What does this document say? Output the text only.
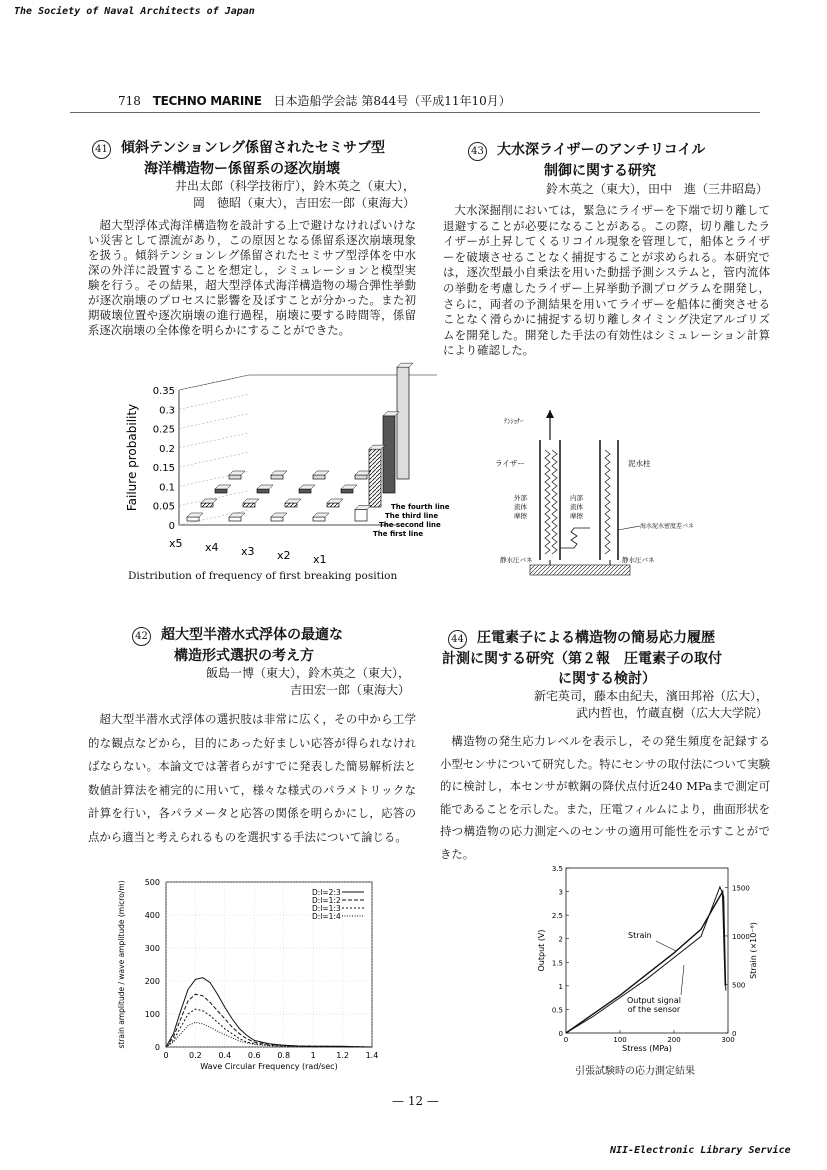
The Society of Naval Architects of Japan
718 TECHNO MARINE 日本造船学会誌 第844号（平成11年10月）
41 傾斜テンションレグ係留されたセミサブ型
海洋構造物ー係留系の逐次崩壊
井出太郎（科学技術庁），鈴木英之（東大），
岡　徳昭（東大），吉田宏一郎（東海大）
超大型浮体式海洋構造物を設計する上で避けなければいけない災害として漂流があり，この原因となる係留系逐次崩壊現象を扱う。傾斜テンションレグ係留されたセミサブ型浮体を中水深の外洋に設置することを想定し，シミュレーションと模型実験を行う。その結果，超大型浮体式海洋構造物の場合弾性挙動が逐次崩壊のプロセスに影響を及ぼすことが分かった。また初期破壊位置や逐次崩壊の進行過程，崩壊に要する時間等，係留系逐次崩壊の全体像を明らかにすることができた。
0
0.05
0.1
0.15
0.2
0.25
0.3
0.35
Failure probability	The fourth line
The third line
The second line
The first line
x5 x4 x3 x2 x1
Distribution of frequency of first breaking position
42 超大型半潜水式浮体の最適な
構造形式選択の考え方
飯島一博（東大），鈴木英之（東大），
吉田宏一郎（東海大）
超大型半潜水式浮体の選択肢は非常に広く，その中から工学的な観点などから，目的にあった好ましい応答が得られなければならない。本論文では著者らがすでに発表した簡易解析法と数値計算法を補完的に用いて，様々な様式のパラメトリックな計算を行い，各パラメータと応答の関係を明らかにし，応答の点から適当と考えられるものを選択する手法について論じる。
0	0.2 0.4 0.6 0.8	1	1.2 1.4
0
100
200
300
400
500
Wave Circular Frequency (rad/sec)
strain amplitude / wave amplitude (micro/m)	D:l=2:3
D:l=1:2
D:l=1:3
D:l=1:4
43 大水深ライザーのアンチリコイル
制御に関する研究
鈴木英之（東大），田中　進（三井昭島）
大水深掘削においては，緊急にライザーを下端で切り離して退避することが必要になることがある。この際，切り離したライザーが上昇してくるリコイル現象を管理して，船体とライザーを破壊させることなく捕捉することが求められる。本研究では，逐次型最小自乗法を用いた動揺予測システムと，管内流体の挙動を考慮したライザー上昇挙動予測プログラムを開発し，さらに，両者の予測結果を用いてライザーを船体に衝突させることなく滑らかに捕捉する切り離しタイミング決定アルゴリズムを開発した。開発した手法の有効性はシミュレーション計算により確認した。
ﾃﾝｼｮﾅｰ
ライザー	泥水柱
外部
流体
摩擦
内部
流体
摩擦
海水泥水密度差バネ
静水圧バネ	静水圧バネ
44 圧電素子による構造物の簡易応力履歴
計測に関する研究（第２報　圧電素子の取付
に関する検討）
新宅英司，藤本由紀夫，濱田邦裕（広大），
武内哲也，竹蔵直樹（広大大学院）
構造物の発生応力レベルを表示し，その発生頻度を記録する小型センサについて研究した。特にセンサの取付法について実験的に検討し，本センサが軟鋼の降伏点付近240 MPaまで測定可能であることを示した。また，圧電フィルムにより，曲面形状を持つ構造物の応力測定へのセンサの適用可能性を示すことができた。
0	100	200	300
0
0.5
1
1.5
2
2.5
3
3.5
0
500
1000
1500
Stress (MPa)
Output (V)	Strain (×10⁻⁶)
Strain
Output signal
of the sensor
引張試験時の応力測定結果
— 12 —
NII-Electronic Library Service
